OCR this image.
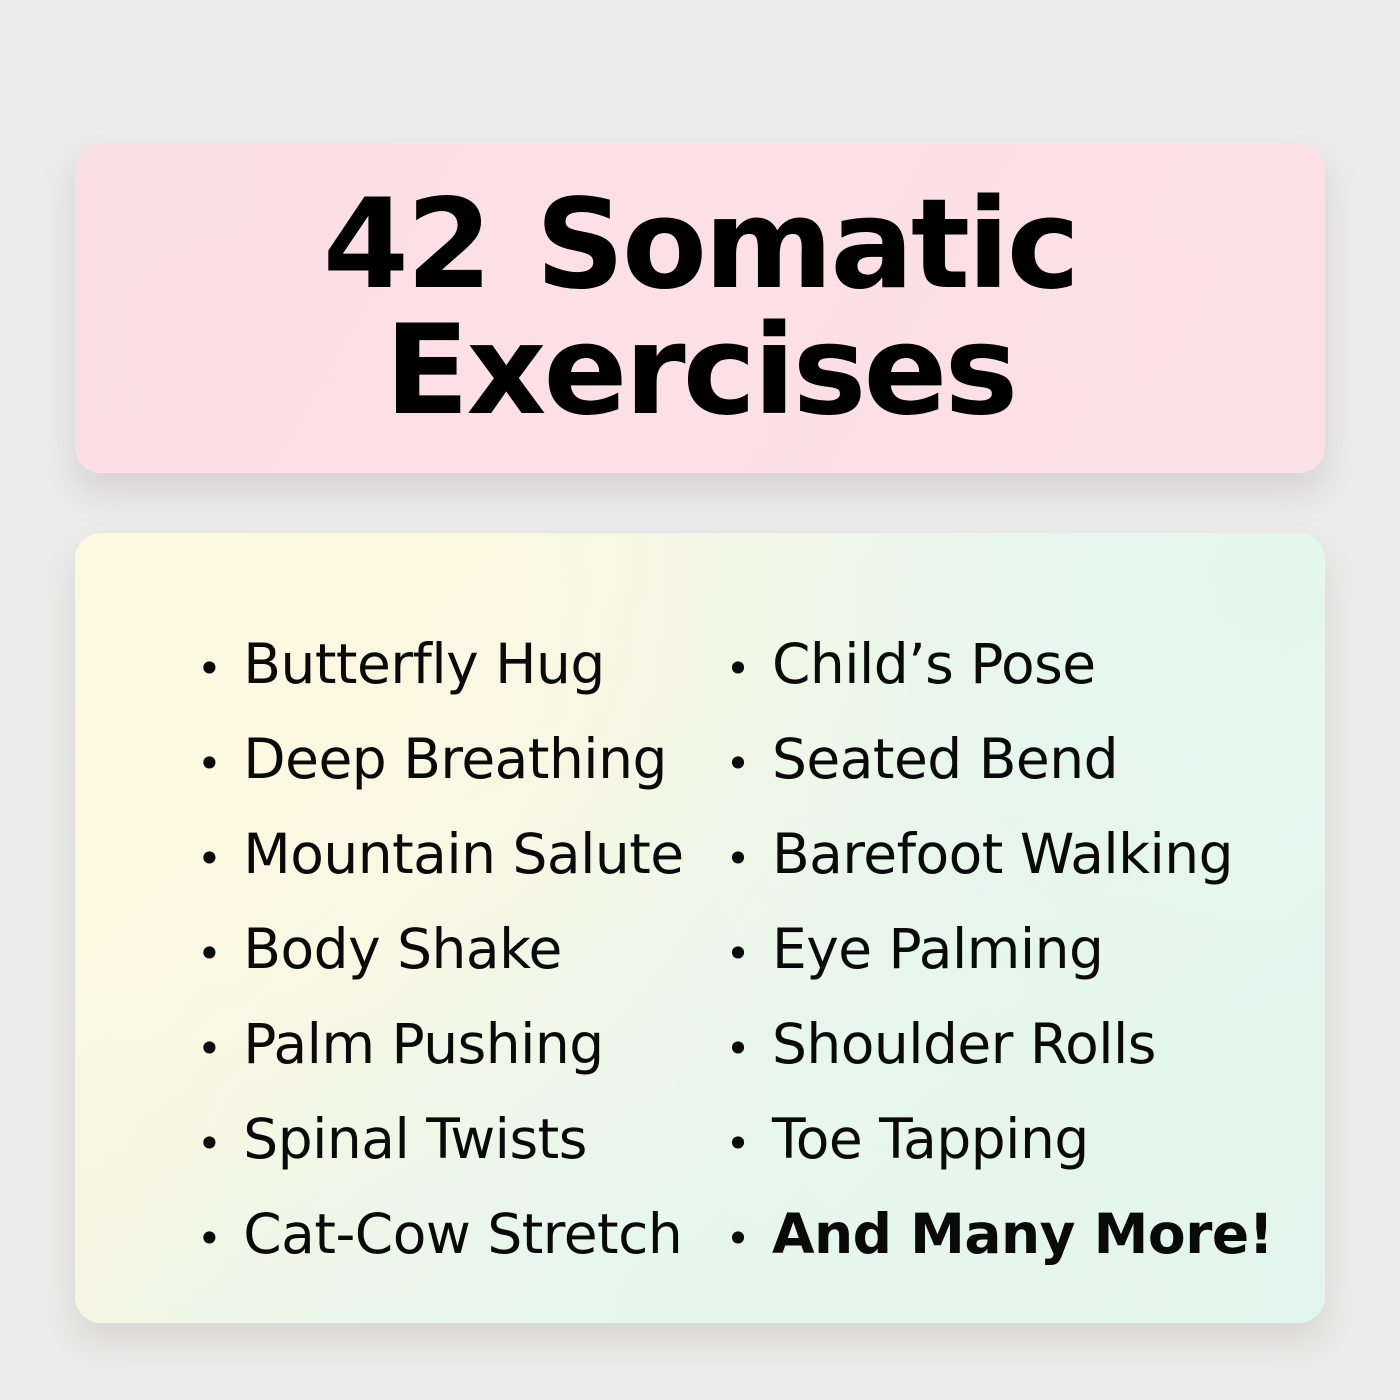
42 Somatic
Exercises
• Butterfly Hug
• Deep Breathing
• Mountain Salute
• Body Shake
• Palm Pushing
• Spinal Twists
• Cat-Cow Stretch
• Child’s Pose
• Seated Bend
• Barefoot Walking
• Eye Palming
• Shoulder Rolls
• Toe Tapping
• And Many More!
